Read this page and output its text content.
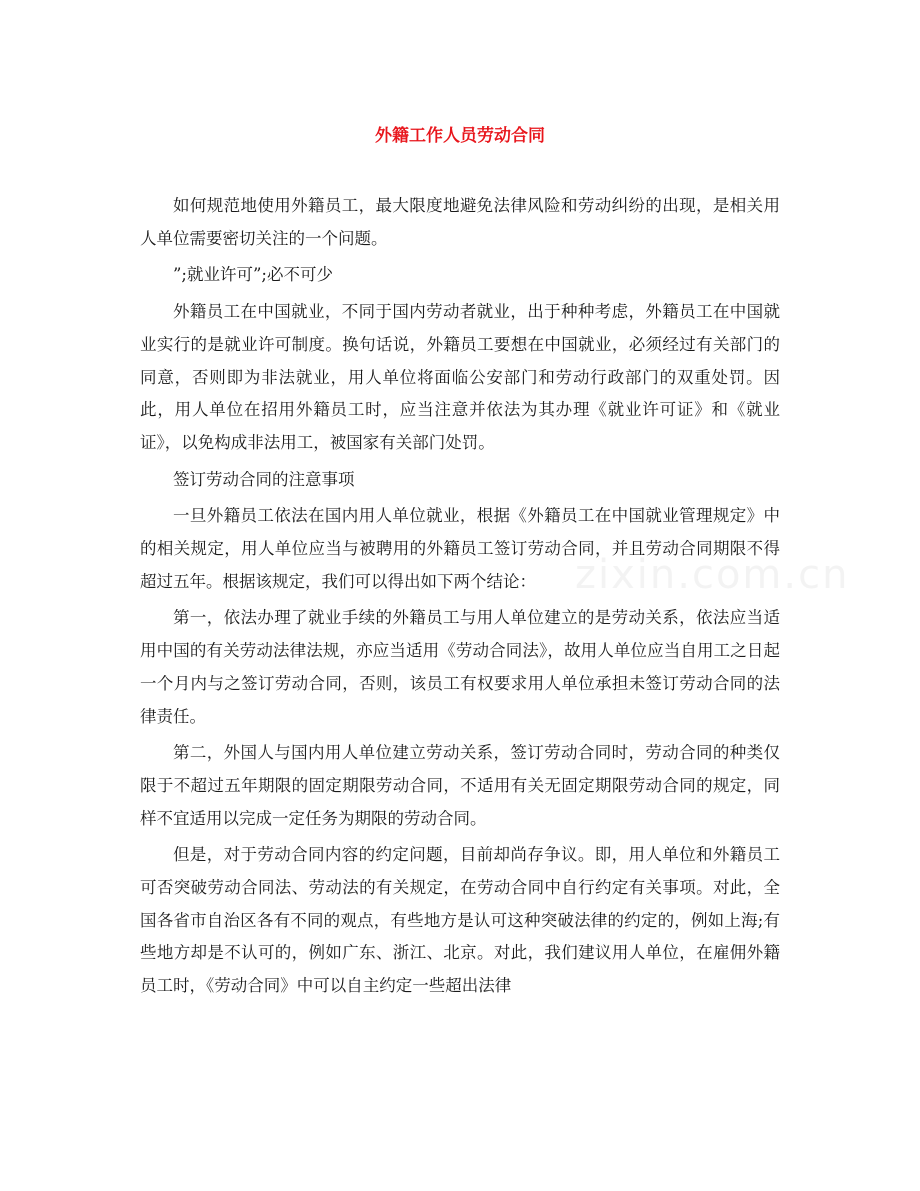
外籍工作人员劳动合同
zixin.com.cn

如何规范地使用外籍员工，最大限度地避免法律风险和劳动纠纷的出现，是相关用人单位需要密切关注的一个问题。

”;就业许可”;必不可少

外籍员工在中国就业，不同于国内劳动者就业，出于种种考虑，外籍员工在中国就业实行的是就业许可制度。换句话说，外籍员工要想在中国就业，必须经过有关部门的同意，否则即为非法就业，用人单位将面临公安部门和劳动行政部门的双重处罚。因此，用人单位在招用外籍员工时，应当注意并依法为其办理《就业许可证》和《就业证》，以免构成非法用工，被国家有关部门处罚。

签订劳动合同的注意事项

一旦外籍员工依法在国内用人单位就业，根据《外籍员工在中国就业管理规定》中的相关规定，用人单位应当与被聘用的外籍员工签订劳动合同，并且劳动合同期限不得超过五年。根据该规定，我们可以得出如下两个结论：

第一，依法办理了就业手续的外籍员工与用人单位建立的是劳动关系，依法应当适用中国的有关劳动法律法规，亦应当适用《劳动合同法》，故用人单位应当自用工之日起一个月内与之签订劳动合同，否则，该员工有权要求用人单位承担未签订劳动合同的法律责任。

第二，外国人与国内用人单位建立劳动关系，签订劳动合同时，劳动合同的种类仅限于不超过五年期限的固定期限劳动合同，不适用有关无固定期限劳动合同的规定，同样不宜适用以完成一定任务为期限的劳动合同。

但是，对于劳动合同内容的约定问题，目前却尚存争议。即，用人单位和外籍员工可否突破劳动合同法、劳动法的有关规定，在劳动合同中自行约定有关事项。对此，全国各省市自治区各有不同的观点，有些地方是认可这种突破法律的约定的，例如上海;有些地方却是不认可的，例如广东、浙江、北京。对此，我们建议用人单位，在雇佣外籍员工时，《劳动合同》中可以自主约定一些超出法律
